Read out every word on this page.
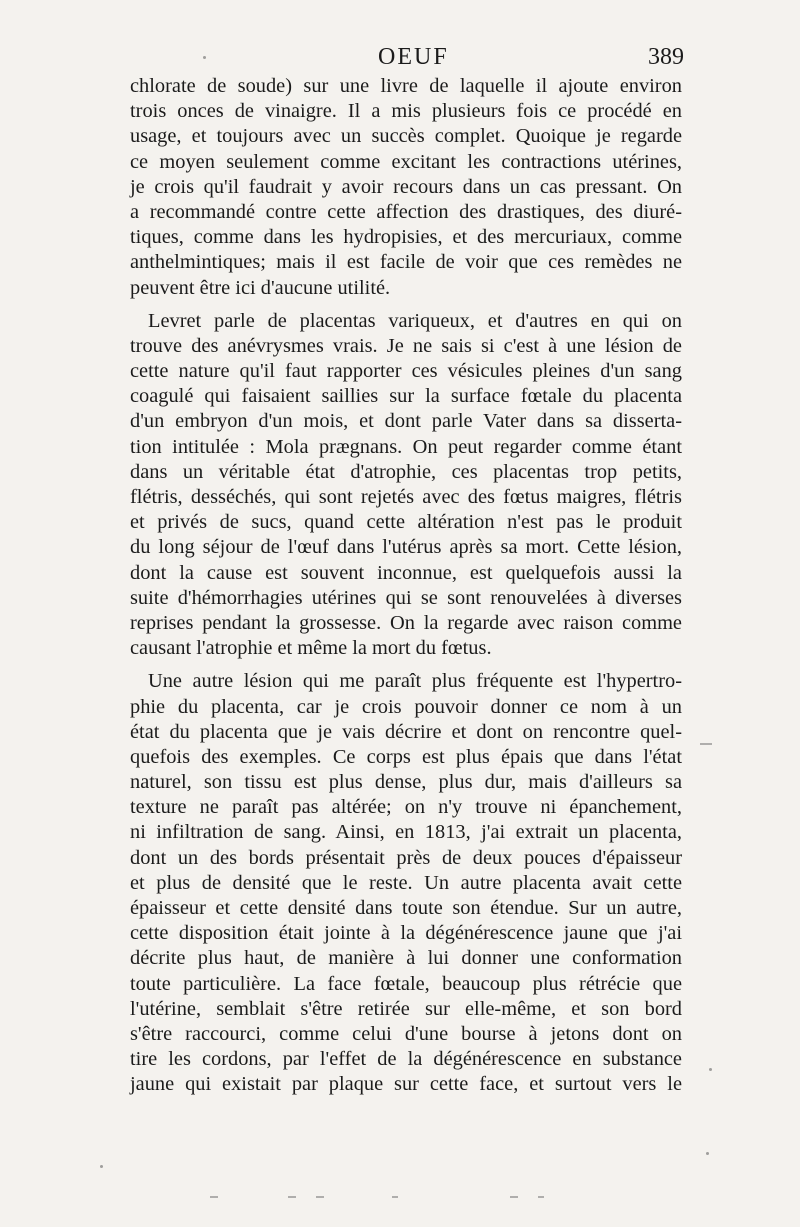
OEUF	389
chlorate de soude) sur une livre de laquelle il ajoute environ
trois onces de vinaigre. Il a mis plusieurs fois ce procédé en
usage, et toujours avec un succès complet. Quoique je regarde
ce moyen seulement comme excitant les contractions utérines,
je crois qu'il faudrait y avoir recours dans un cas pressant. On
a recommandé contre cette affection des drastiques, des diuré-
tiques, comme dans les hydropisies, et des mercuriaux, comme
anthelmintiques; mais il est facile de voir que ces remèdes ne
peuvent être ici d'aucune utilité.
Levret parle de placentas variqueux, et d'autres en qui on
trouve des anévrysmes vrais. Je ne sais si c'est à une lésion de
cette nature qu'il faut rapporter ces vésicules pleines d'un sang
coagulé qui faisaient saillies sur la surface fœtale du placenta
d'un embryon d'un mois, et dont parle Vater dans sa disserta-
tion intitulée : Mola prægnans. On peut regarder comme étant
dans un véritable état d'atrophie, ces placentas trop petits,
flétris, desséchés, qui sont rejetés avec des fœtus maigres, flétris
et privés de sucs, quand cette altération n'est pas le produit
du long séjour de l'œuf dans l'utérus après sa mort. Cette lésion,
dont la cause est souvent inconnue, est quelquefois aussi la
suite d'hémorrhagies utérines qui se sont renouvelées à diverses
reprises pendant la grossesse. On la regarde avec raison comme
causant l'atrophie et même la mort du fœtus.
Une autre lésion qui me paraît plus fréquente est l'hypertro-
phie du placenta, car je crois pouvoir donner ce nom à un
état du placenta que je vais décrire et dont on rencontre quel-
quefois des exemples. Ce corps est plus épais que dans l'état
naturel, son tissu est plus dense, plus dur, mais d'ailleurs sa
texture ne paraît pas altérée; on n'y trouve ni épanchement,
ni infiltration de sang. Ainsi, en 1813, j'ai extrait un placenta,
dont un des bords présentait près de deux pouces d'épaisseur
et plus de densité que le reste. Un autre placenta avait cette
épaisseur et cette densité dans toute son étendue. Sur un autre,
cette disposition était jointe à la dégénérescence jaune que j'ai
décrite plus haut, de manière à lui donner une conformation
toute particulière. La face fœtale, beaucoup plus rétrécie que
l'utérine, semblait s'être retirée sur elle-même, et son bord
s'être raccourci, comme celui d'une bourse à jetons dont on
tire les cordons, par l'effet de la dégénérescence en substance
jaune qui existait par plaque sur cette face, et surtout vers le
